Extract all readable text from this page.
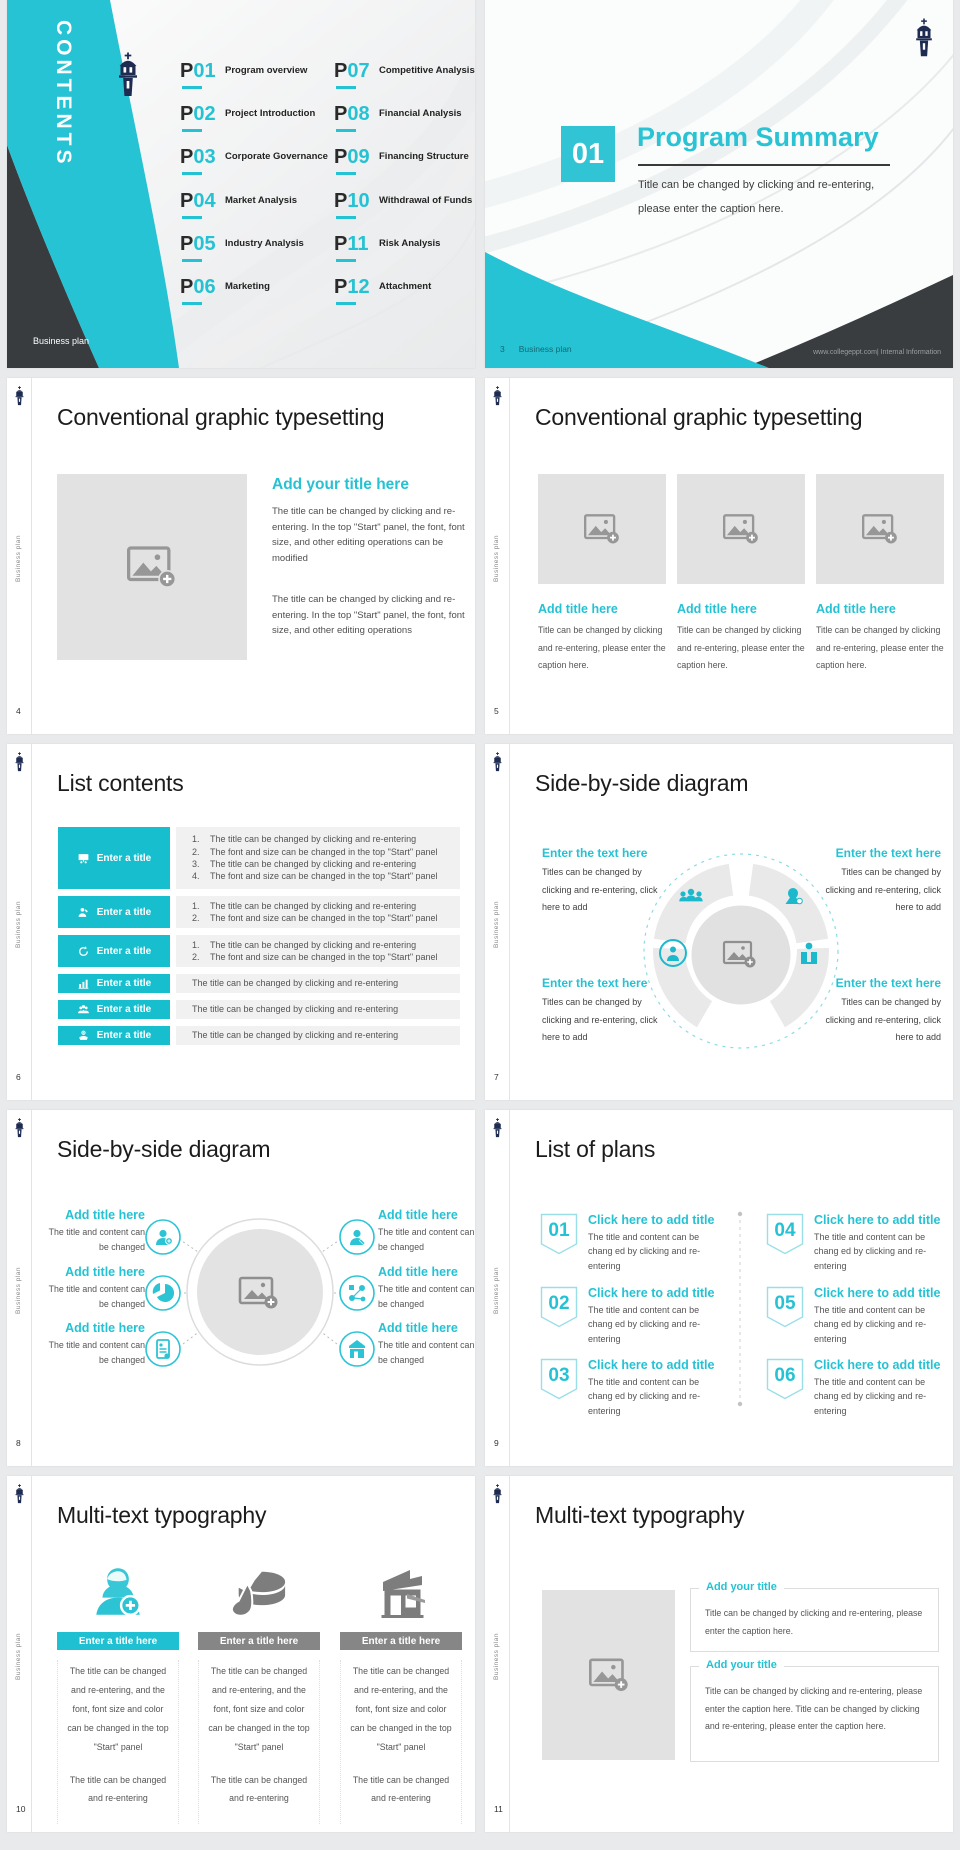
CONTENTS	P01 Program overview
P02 Project Introduction
P03 Corporate Governance
P04 Market Analysis
P05 Industry Analysis
P06 Marketing
P07 Competitive Analysis
P08 Financial Analysis
P09 Financing Structure
P10 Withdrawal of Funds
P11 Risk Analysis
P12 Attachment
Business plan
01
Program Summary
Title can be changed by clicking and re-entering, please enter the caption here.
3 Business plan	www.collegeppt.com| Internal Information
Business plan
4
Conventional graphic typesetting
Add your title here
The title can be changed by clicking and re-entering. In the top "Start" panel, the font, font size, and other editing operations can be modified
The title can be changed by clicking and re-entering. In the top "Start" panel, the font, font size, and other editing operations
Business plan
5
Conventional graphic typesetting
Add title here
Title can be changed by clicking and re-entering, please enter the caption here.
Add title here
Title can be changed by clicking and re-entering, please enter the caption here.
Add title here
Title can be changed by clicking and re-entering, please enter the caption here.
Business plan
6
List contents
Enter a title
1.	The title can be changed by clicking and re-entering
2.	The font and size can be changed in the top "Start" panel
3.	The title can be changed by clicking and re-entering
4.	The font and size can be changed in the top "Start" panel
Enter a title
1.	The title can be changed by clicking and re-entering
2.	The font and size can be changed in the top "Start" panel
Enter a title
1.	The title can be changed by clicking and re-entering
2.	The font and size can be changed in the top "Start" panel
Enter a title	The title can be changed by clicking and re-entering
Enter a title	The title can be changed by clicking and re-entering
Enter a title	The title can be changed by clicking and re-entering
Business plan
7
Side-by-side diagram
Enter the text here
Titles can be changed by clicking and re-entering, click here to add
Enter the text here
Titles can be changed by clicking and re-entering, click here to add
Enter the text here
Titles can be changed by clicking and re-entering, click here to add
Enter the text here
Titles can be changed by clicking and re-entering, click here to add
Business plan
8
Side-by-side diagram
Add title here
The title and content can be changed
Add title here
The title and content can be changed
Add title here
The title and content can be changed
Add title here
The title and content can be changed
Add title here
The title and content can be changed
Add title here
The title and content can be changed
Business plan
9
List of plans
01	Click here to add title
The title and content can be chang ed by clicking and re-entering
02	Click here to add title
The title and content can be chang ed by clicking and re-entering
03	Click here to add title
The title and content can be chang ed by clicking and re-entering
04	Click here to add title
The title and content can be chang ed by clicking and re-entering
05	Click here to add title
The title and content can be chang ed by clicking and re-entering
06	Click here to add title
The title and content can be chang ed by clicking and re-entering
Business plan
10
Multi-text typography
Enter a title here

The title can be changed and re-entering, and the font, font size and color can be changed in the top "Start" panel

The title can be changed and re-entering

Enter a title here

The title can be changed and re-entering, and the font, font size and color can be changed in the top "Start" panel

The title can be changed and re-entering

Enter a title here

The title can be changed and re-entering, and the font, font size and color can be changed in the top "Start" panel

The title can be changed and re-entering

Business plan
11
Multi-text typography
Add your title
Title can be changed by clicking and re-entering, please enter the caption here.
Add your title
Title can be changed by clicking and re-entering, please enter the caption here. Title can be changed by clicking and re-entering, please enter the caption here.
